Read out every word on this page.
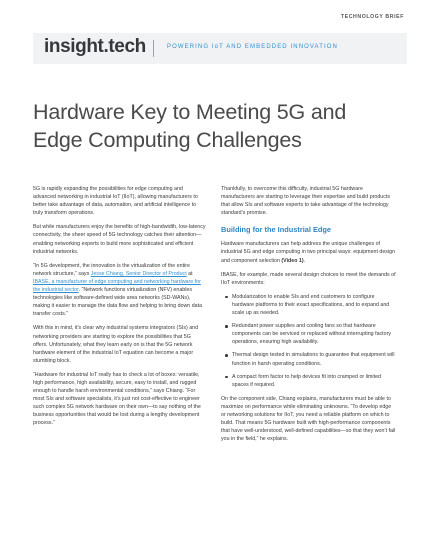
TECHNOLOGY BRIEF
insight.tech	POWERING IoT AND EMBEDDED INNOVATION
Hardware Key to Meeting 5G and Edge Computing Challenges

5G is rapidly expanding the possibilities for edge computing and advanced networking in industrial IoT (IIoT), allowing manufacturers to better take advantage of data, automation, and artificial intelligence to truly transform operations.

But while manufacturers enjoy the benefits of high-bandwidth, low-latency connectivity, the sheer speed of 5G technology catches their attention—enabling networking experts to build more sophisticated and efficient industrial networks.

“In 5G development, the innovation is the virtualization of the entire network structure,” says Jesse Chiang, Senior Director of Product at IBASE, a manufacturer of edge computing and networking hardware for the industrial sector. “Network functions virtualization (NFV) enables technologies like software-defined wide area networks (SD-WANs), making it easier to manage the data flow and helping to bring down data transfer costs.”

With this in mind, it’s clear why industrial systems integrators (SIs) and networking providers are starting to explore the possibilities that 5G offers. Unfortunately, what they learn early on is that the 5G network hardware element of the industrial IoT equation can become a major stumbling block.

“Hardware for industrial IoT really has to check a lot of boxes: versatile, high performance, high availability, secure, easy to install, and rugged enough to handle harsh environmental conditions,” says Chiang. “For most SIs and software specialists, it’s just not cost-effective to engineer such complex 5G network hardware on their own—to say nothing of the business opportunities that would be lost during a lengthy development process.”

Thankfully, to overcome this difficulty, industrial 5G hardware manufacturers are starting to leverage their expertise and build products that allow SIs and software experts to take advantage of the technology standard’s promise.

Building for the Industrial Edge

Hardware manufacturers can help address the unique challenges of industrial 5G and edge computing in two principal ways: equipment design and component selection (Video 1).

IBASE, for example, made several design choices to meet the demands of IIoT environments:

Modularization to enable SIs and end customers to configure hardware platforms to their exact specifications, and to expand and scale up as needed.
Redundant power supplies and cooling fans so that hardware components can be serviced or replaced without interrupting factory operations, ensuring high availability.
Thermal design tested in simulations to guarantee that equipment will function in harsh operating conditions.
A compact form factor to help devices fit into cramped or limited spaces if required.

On the component side, Chiang explains, manufacturers must be able to maximize on performance while eliminating unknowns. “To develop edge or networking solutions for IIoT, you need a reliable platform on which to build. That means 5G hardware built with high-performance components that have well-understood, well-defined capabilities—so that they won’t fail you in the field,” he explains.
